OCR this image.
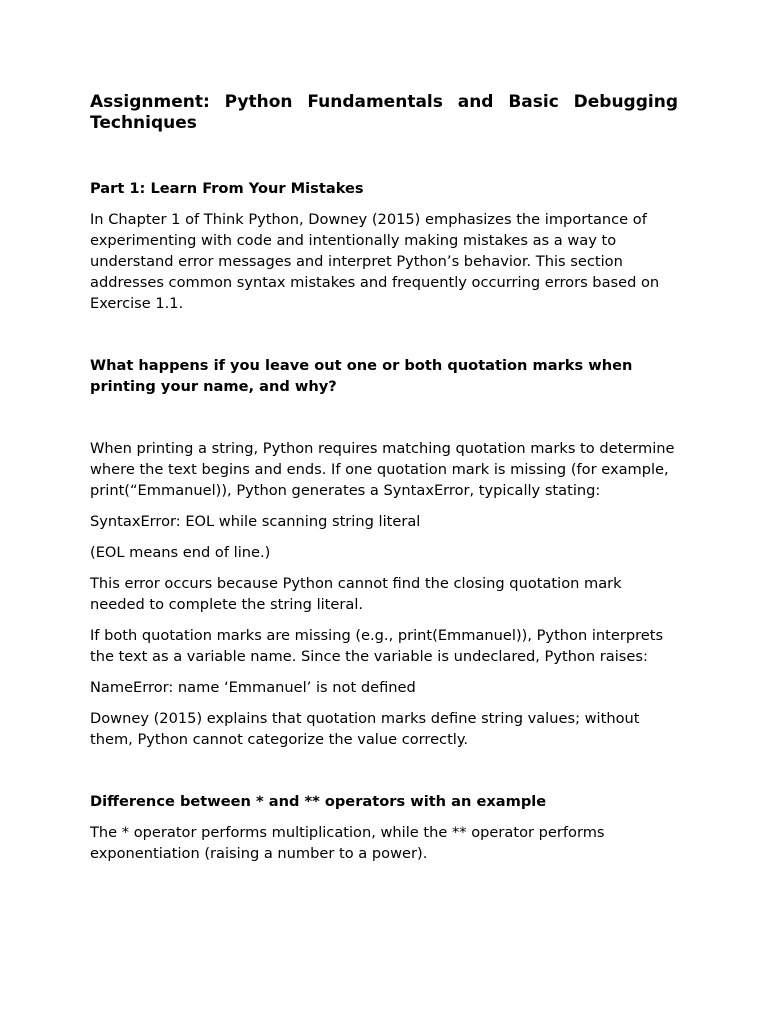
Assignment: Python Fundamentals and Basic Debugging Techniques
Part 1: Learn From Your Mistakes

In Chapter 1 of Think Python, Downey (2015) emphasizes the importance of experimenting with code and intentionally making mistakes as a way to understand error messages and interpret Python’s behavior. This section addresses common syntax mistakes and frequently occurring errors based on Exercise 1.1.

What happens if you leave out one or both quotation marks when printing your name, and why?

When printing a string, Python requires matching quotation marks to determine where the text begins and ends. If one quotation mark is missing (for example, print(“Emmanuel)), Python generates a SyntaxError, typically stating:

SyntaxError: EOL while scanning string literal

(EOL means end of line.)

This error occurs because Python cannot find the closing quotation mark needed to complete the string literal.

If both quotation marks are missing (e.g., print(Emmanuel)), Python interprets the text as a variable name. Since the variable is undeclared, Python raises:

NameError: name ‘Emmanuel’ is not defined

Downey (2015) explains that quotation marks define string values; without them, Python cannot categorize the value correctly.

Difference between * and ** operators with an example

The * operator performs multiplication, while the ** operator performs exponentiation (raising a number to a power).
